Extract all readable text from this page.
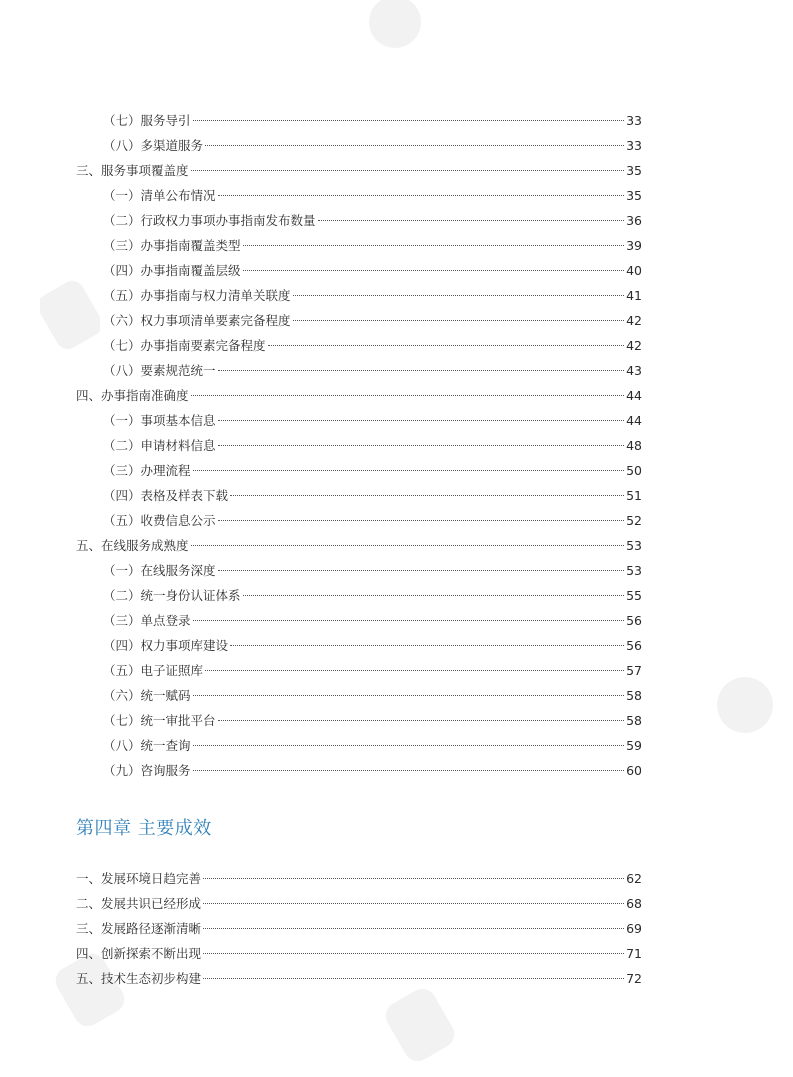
（七）服务导引	33
（八）多渠道服务	33
三、服务事项覆盖度	35
（一）清单公布情况	35
（二）行政权力事项办事指南发布数量	36
（三）办事指南覆盖类型	39
（四）办事指南覆盖层级	40
（五）办事指南与权力清单关联度	41
（六）权力事项清单要素完备程度	42
（七）办事指南要素完备程度	42
（八）要素规范统一	43
四、办事指南准确度	44
（一）事项基本信息	44
（二）申请材料信息	48
（三）办理流程	50
（四）表格及样表下载	51
（五）收费信息公示	52
五、在线服务成熟度	53
（一）在线服务深度	53
（二）统一身份认证体系	55
（三）单点登录	56
（四）权力事项库建设	56
（五）电子证照库	57
（六）统一赋码	58
（七）统一审批平台	58
（八）统一查询	59
（九）咨询服务	60
第四章 主要成效
一、发展环境日趋完善	62
二、发展共识已经形成	68
三、发展路径逐渐清晰	69
四、创新探索不断出现	71
五、技术生态初步构建	72
